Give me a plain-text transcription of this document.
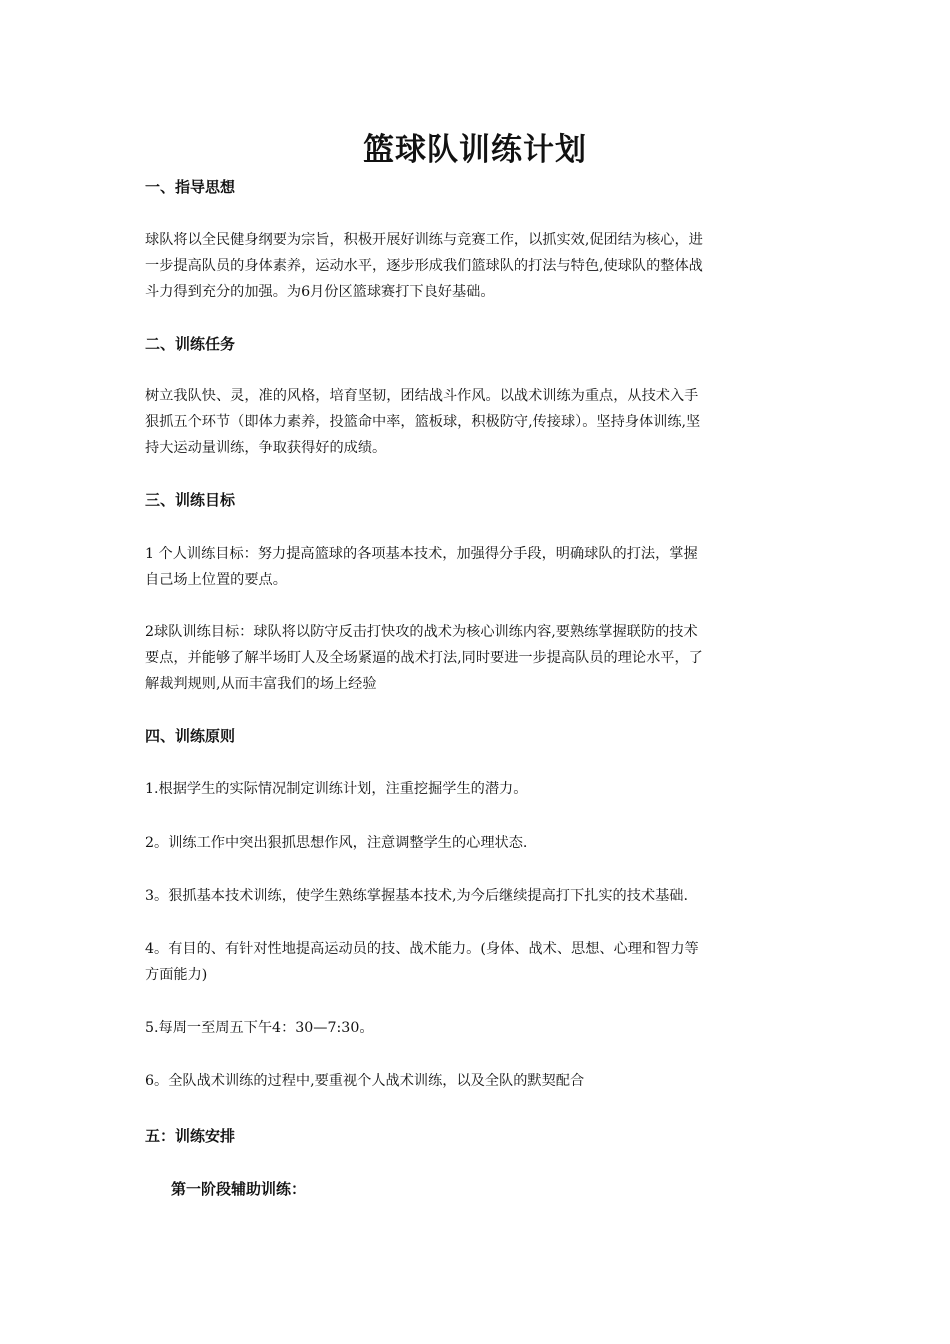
篮球队训练计划
一、指导思想
球队将以全民健身纲要为宗旨，积极开展好训练与竞赛工作，以抓实效,促团结为核心，进
一步提高队员的身体素养，运动水平，逐步形成我们篮球队的打法与特色,使球队的整体战
斗力得到充分的加强。为6月份区篮球赛打下良好基础。
二、训练任务
树立我队快、灵，准的风格，培育坚韧，团结战斗作风。以战术训练为重点，从技术入手
狠抓五个环节（即体力素养，投篮命中率，篮板球，积极防守,传接球）。坚持身体训练,坚
持大运动量训练，争取获得好的成绩。
三、训练目标
1 个人训练目标：努力提高篮球的各项基本技术，加强得分手段，明确球队的打法，掌握
自己场上位置的要点。
2球队训练目标：球队将以防守反击打快攻的战术为核心训练内容,要熟练掌握联防的技术
要点，并能够了解半场盯人及全场紧逼的战术打法,同时要进一步提高队员的理论水平，了
解裁判规则,从而丰富我们的场上经验
四、训练原则
1.根据学生的实际情况制定训练计划，注重挖掘学生的潜力。
2。训练工作中突出狠抓思想作风，注意调整学生的心理状态.
3。狠抓基本技术训练，使学生熟练掌握基本技术,为今后继续提高打下扎实的技术基础.
4。有目的、有针对性地提高运动员的技、战术能力。(身体、战术、思想、心理和智力等
方面能力)
5.每周一至周五下午4：30—7:30。
6。全队战术训练的过程中,要重视个人战术训练，以及全队的默契配合
五：训练安排
第一阶段辅助训练：
